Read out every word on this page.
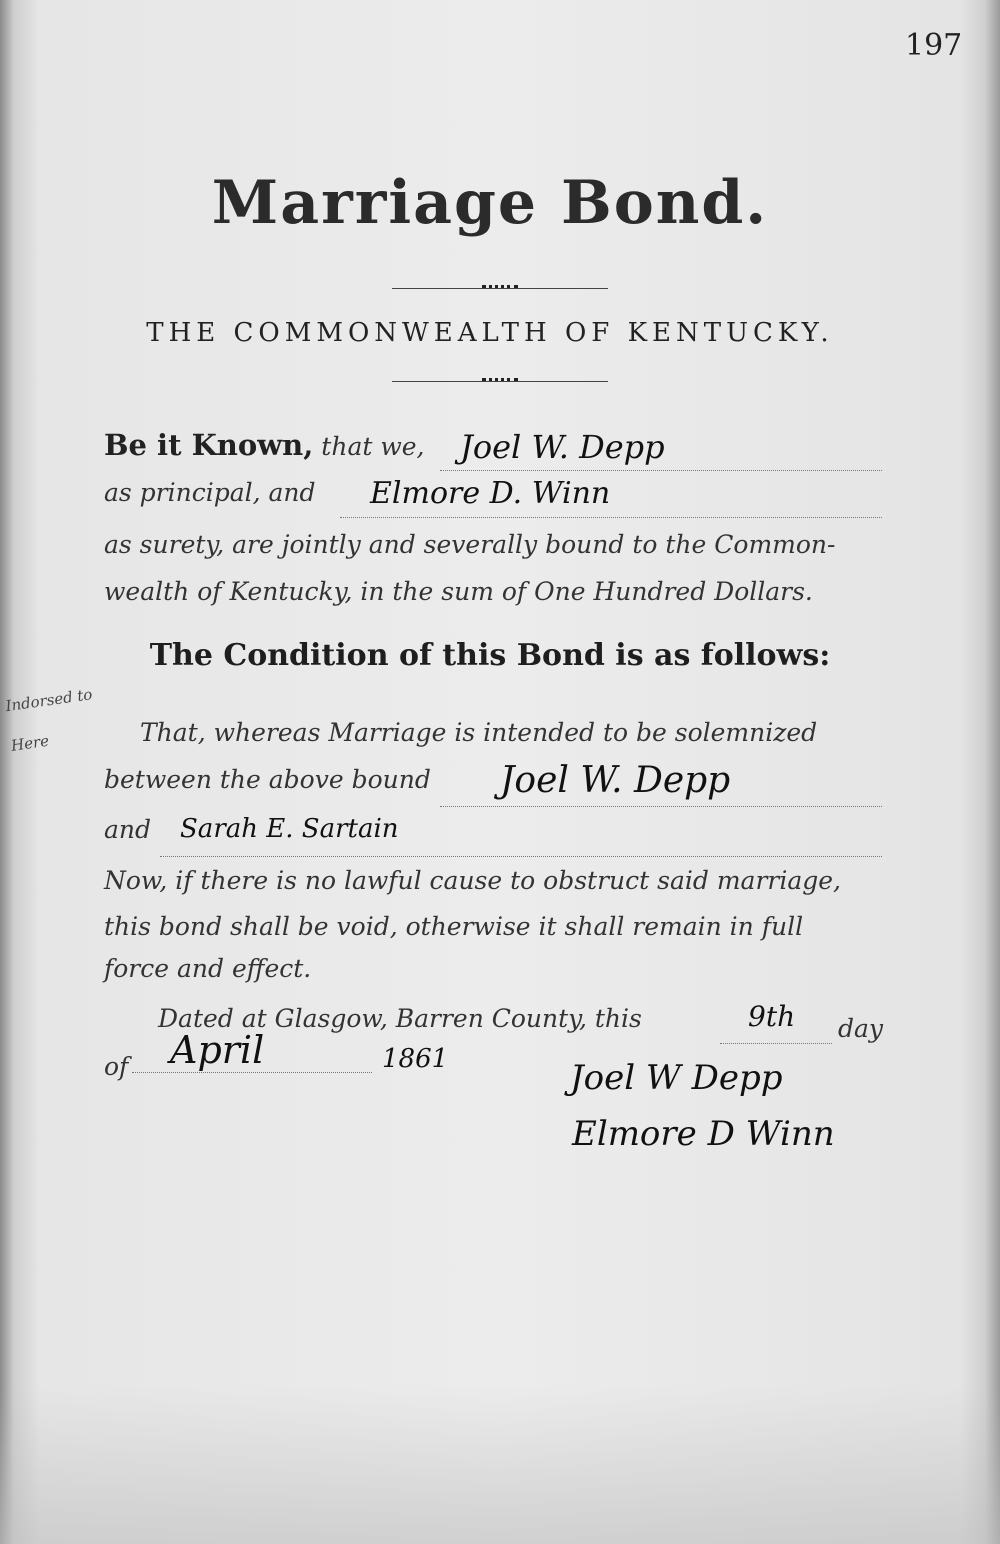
197
Marriage Bond.
THE COMMONWEALTH OF KENTUCKY.
Be it Known, that we, Joel W. Depp
as principal, and Elmore D. Winn
as surety, are jointly and severally bound to the Common-
wealth of Kentucky, in the sum of One Hundred Dollars.
The Condition of this Bond is as follows:
Indorsed to
Here	That, whereas Marriage is intended to be solemnized
between the above bound Joel W. Depp
and Sarah E. Sartain
Now, if there is no lawful cause to obstruct said marriage,
this bond shall be void, otherwise it shall remain in full
force and effect.
Dated at Glasgow, Barren County, this	9th day
of April	1861	Joel W Depp
Elmore D Winn
